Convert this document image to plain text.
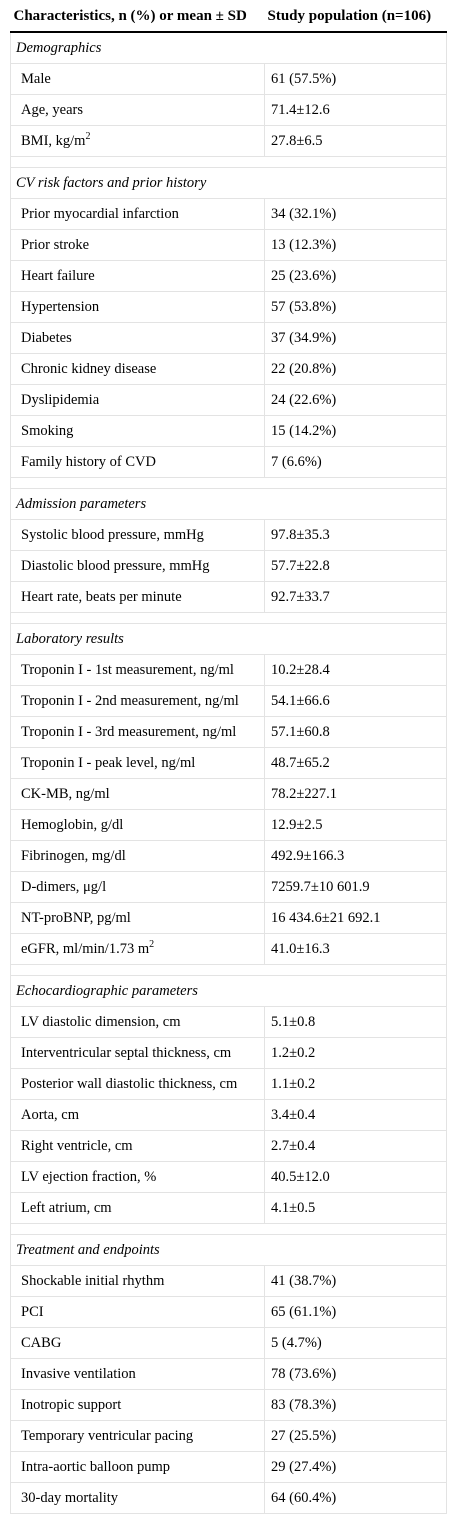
Characteristics, n (%) or mean ± SD	Study population (n=106)
Demographics	
Male	61 (57.5%)
Age, years	71.4±12.6
BMI, $kg/m^2$	27.8±6.5

CV risk factors and prior history	
Prior myocardial infarction	34 (32.1%)
Prior stroke	13 (12.3%)
Heart failure	25 (23.6%)
Hypertension	57 (53.8%)
Diabetes	37 (34.9%)
Chronic kidney disease	22 (20.8%)
Dyslipidemia	24 (22.6%)
Smoking	15 (14.2%)
Family history of CVD	7 (6.6%)

Admission parameters	
Systolic blood pressure, mmHg	97.8±35.3
Diastolic blood pressure, mmHg	57.7±22.8
Heart rate, beats per minute	92.7±33.7

Laboratory results	
Troponin I - 1st measurement, ng/ml	10.2±28.4
Troponin I - 2nd measurement, ng/ml	54.1±66.6
Troponin I - 3rd measurement, ng/ml	57.1±60.8
Troponin I - peak level, ng/ml	48.7±65.2
CK-MB, ng/ml	78.2±227.1
Hemoglobin, g/dl	12.9±2.5
Fibrinogen, mg/dl	492.9±166.3
D-dimers, μg/l	7259.7±10 601.9
NT-proBNP, pg/ml	16 434.6±21 692.1
eGFR, ml/min/1.73 $m^2$	41.0±16.3

Echocardiographic parameters	
LV diastolic dimension, cm	5.1±0.8
Interventricular septal thickness, cm	1.2±0.2
Posterior wall diastolic thickness, cm	1.1±0.2
Aorta, cm	3.4±0.4
Right ventricle, cm	2.7±0.4
LV ejection fraction, %	40.5±12.0
Left atrium, cm	4.1±0.5

Treatment and endpoints	
Shockable initial rhythm	41 (38.7%)
PCI	65 (61.1%)
CABG	5 (4.7%)
Invasive ventilation	78 (73.6%)
Inotropic support	83 (78.3%)
Temporary ventricular pacing	27 (25.5%)
Intra-aortic balloon pump	29 (27.4%)
30-day mortality	64 (60.4%)
